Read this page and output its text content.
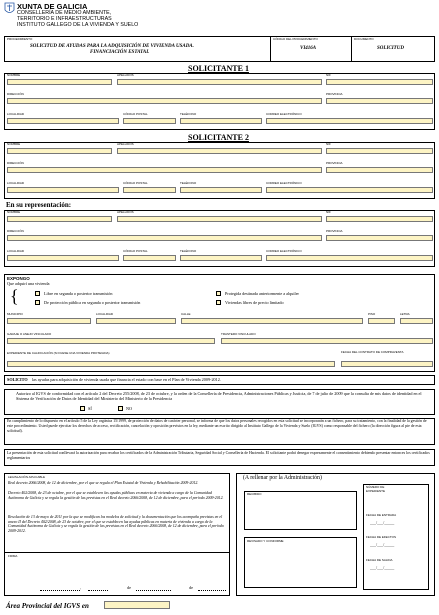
XUNTA DE GALICIA
CONSELLERÍA DE MEDIO AMBIENTE,
TERRITORIO E INFRAESTRUCTURAS
INSTITUTO GALLEGO DE LA VIVIENDA Y SUELO
PROCEDIMIENTO
SOLICITUD DE AYUDAS PARA LA ADQUISICIÓN DE VIVIENDA USADA.
FINANCIACIÓN ESTATAL
CÓDIGO DEL PROCEDIMIENTO
VI416A
DOCUMENTO
SOLICITUD
SOLICITANTE 1
NOMBRE	APELLIDOS	NIF
DIRECCIÓN	PROVINCIA
LOCALIDAD	CÓDIGO POSTAL	TELÉFONO	CORREO ELECTRÓNICO
SOLICITANTE 2
NOMBRE	APELLIDOS	NIF
DIRECCIÓN	PROVINCIA
LOCALIDAD	CÓDIGO POSTAL	TELÉFONO	CORREO ELECTRÓNICO
En su representación:
NOMBRE	APELLIDOS	NIF
DIRECCIÓN	PROVINCIA
LOCALIDAD	CÓDIGO POSTAL	TELÉFONO	CORREO ELECTRÓNICO
EXPONGO
Que adquirí una vivienda
{	Libre en segunda o posterior transmisión
De protección pública en segunda o posterior transmisión
Protegida destinada anteriormente a alquiler
Viviendas libres de precio limitado
MUNICIPIO	LOCALIDAD	CALLE	PISO	LETRA
GARAJE O ANEJO VINCULADO	TRASTERO VINCULADO
EXPEDIENTE DE CALIFICACIÓN (SI FUESE UNA VIVIENDA PROTEGIDA)	FECHA DEL CONTRATO DE COMPRAVENTA
SOLICITO las ayudas para adquisición de vivienda usada que financia el estado con base en el Plan de Vivienda 2009-2012.
Autorizo al IGVS de conformidad con el artículo 2 del Decreto 255/2008, de 23 de octubre, y la orden de la Consellería de Presidencia, Administraciones Públicas y Justicia, de 7 de julio de 2009 que la consulta de mis datos de identidad en el Sistema de Verificación de Datos de Identidad del Ministerio del Ministerio de la Presidencia
SÍ	NO
En cumplimiento de lo dispuesto en el artículo 5 de la Ley orgánica 15/1999, de protección de datos de carácter personal, se informa de que los datos personales recogidos en esta solicitud se incorporarán a un fichero, para su tratamiento, con la finalidad de la gestión de este procedimiento. Usted puede ejercitar los derechos de acceso, rectificación, cancelación y oposición previstos en la ley, mediante un escrito dirigido al Instituto Gallego de la Vivienda y Suelo (IGVS) como responsable del fichero (la dirección figura al pie de esta solicitud).
La presentación de esta solicitud conllevará la autorización para recabar los certificados de la Administración Tributaria, Seguridad Social y Consellería de Hacienda. El solicitante podrá denegar expresamente el consentimiento debiendo presentar entonces los certificados reglamentarios
LEGISLACIÓN APLICABLE
Real decreto 2066/2008, de 12 de diciembre, por el que se regula el Plan Estatal de Vivienda y Rehabilitación 2009-2012.
Decreto 402/2008, de 23 de octubre, por el que se establecen las ayudas públicas en materia de vivienda a cargo de la Comunidad Autónoma de Galicia y se regula la gestión de las previstas en el Real decreto 2066/2008, de 12 de diciembre, para el período 2009-2012.
Resolución de 13 de mayo de 2011 por la que se modifican los modelos de solicitud y la documentación que los acompaña previstas en el anexo II del Decreto 402/2008, de 23 de octubre, por el que se establecen las ayudas públicas en materia de vivienda a cargo de la Comunidad Autónoma de Galicia y se regula la gestión de las previstas en el Real decreto 2066/2008, de 12 de diciembre, para el período 2009-2012.
FIRMA
,	de	de
(A rellenar por la Administración)
RECIBIDO
REVISADO Y CONFORME
NÚMERO DE EXPEDIENTE
FECHA DE ENTRADA
___/___/_____
FECHA DE EFECTOS
___/___/_____
FECHA DE SALIDA
___/___/_____
Área Provincial del IGVS en
